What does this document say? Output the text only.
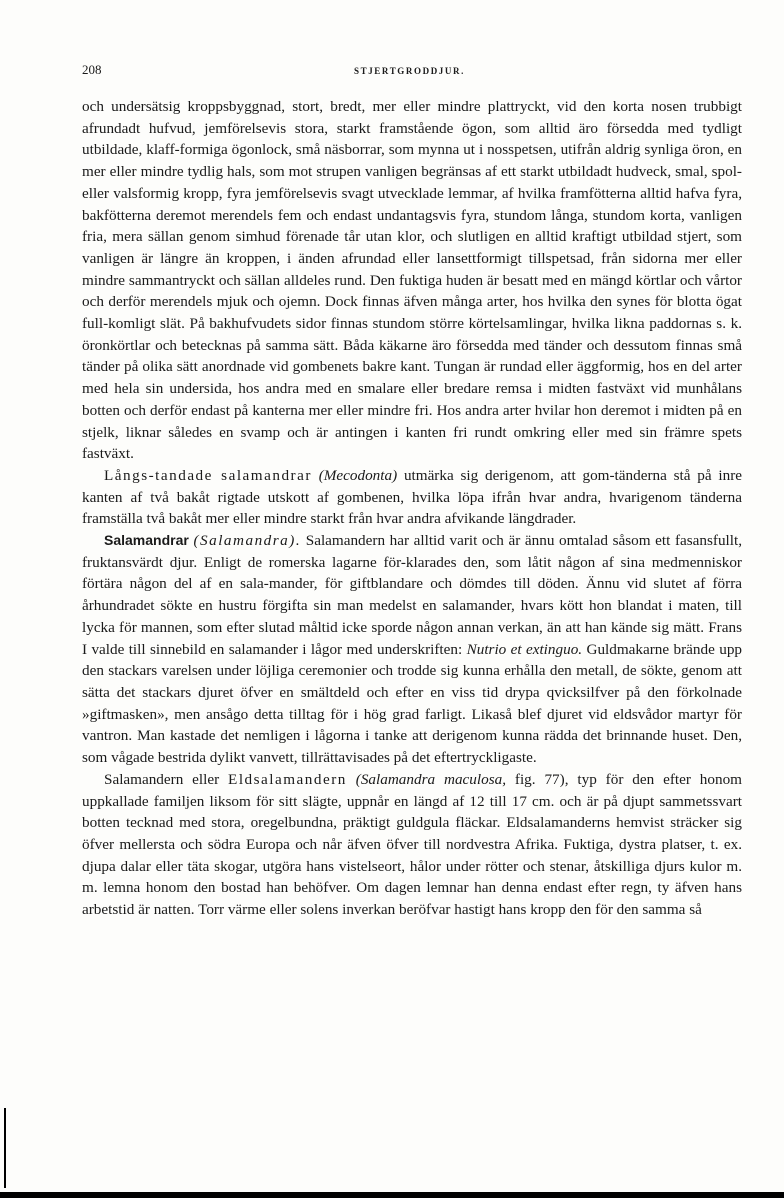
208	STJERTGRODDJUR.

och undersätsig kroppsbyggnad, stort, bredt, mer eller mindre plattryckt, vid den korta nosen trubbigt afrundadt hufvud, jemförelsevis stora, starkt framstående ögon, som alltid äro försedda med tydligt utbildade, klaff-formiga ögonlock, små näsborrar, som mynna ut i nosspetsen, utifrån aldrig synliga öron, en mer eller mindre tydlig hals, som mot strupen vanligen begränsas af ett starkt utbildadt hudveck, smal, spol- eller valsformig kropp, fyra jemförelsevis svagt utvecklade lemmar, af hvilka framfötterna alltid hafva fyra, bakfötterna deremot merendels fem och endast undantagsvis fyra, stundom långa, stundom korta, vanligen fria, mera sällan genom simhud förenade tår utan klor, och slutligen en alltid kraftigt utbildad stjert, som vanligen är längre än kroppen, i änden afrundad eller lansettformigt tillspetsad, från sidorna mer eller mindre sammantryckt och sällan alldeles rund. Den fuktiga huden är besatt med en mängd körtlar och vårtor och derför merendels mjuk och ojemn. Dock finnas äfven många arter, hos hvilka den synes för blotta ögat full-komligt slät. På bakhufvudets sidor finnas stundom större körtelsamlingar, hvilka likna paddornas s. k. öronkörtlar och betecknas på samma sätt. Båda käkarne äro försedda med tänder och dessutom finnas små tänder på olika sätt anordnade vid gombenets bakre kant. Tungan är rundad eller äggformig, hos en del arter med hela sin undersida, hos andra med en smalare eller bredare remsa i midten fastväxt vid munhålans botten och derför endast på kanterna mer eller mindre fri. Hos andra arter hvilar hon deremot i midten på en stjelk, liknar således en svamp och är antingen i kanten fri rundt omkring eller med sin främre spets fastväxt.

Långs-tandade salamandrar (Mecodonta) utmärka sig derigenom, att gom-tänderna stå på inre kanten af två bakåt rigtade utskott af gombenen, hvilka löpa ifrån hvar andra, hvarigenom tänderna framställa två bakåt mer eller mindre starkt från hvar andra afvikande längdrader.

Salamandrar (Salamandra). Salamandern har alltid varit och är ännu omtalad såsom ett fasansfullt, fruktansvärdt djur. Enligt de romerska lagarne för-klarades den, som låtit någon af sina medmenniskor förtära någon del af en sala-mander, för giftblandare och dömdes till döden. Ännu vid slutet af förra århundradet sökte en hustru förgifta sin man medelst en salamander, hvars kött hon blandat i maten, till lycka för mannen, som efter slutad måltid icke sporde någon annan verkan, än att han kände sig mätt. Frans I valde till sinnebild en salamander i lågor med underskriften: Nutrio et extinguo. Guldmakarne brände upp den stackars varelsen under löjliga ceremonier och trodde sig kunna erhålla den metall, de sökte, genom att sätta det stackars djuret öfver en smältdeld och efter en viss tid drypa qvicksilfver på den förkolnade »giftmasken», men ansågo detta tilltag för i hög grad farligt. Likaså blef djuret vid eldsvådor martyr för vantron. Man kastade det nemligen i lågorna i tanke att derigenom kunna rädda det brinnande huset. Den, som vågade bestrida dylikt vanvett, tillrättavisades på det eftertryckligaste.

Salamandern eller Eldsalamandern (Salamandra maculosa, fig. 77), typ för den efter honom uppkallade familjen liksom för sitt slägte, uppnår en längd af 12 till 17 cm. och är på djupt sammetssvart botten tecknad med stora, oregelbundna, präktigt guldgula fläckar. Eldsalamanderns hemvist sträcker sig öfver mellersta och södra Europa och når äfven öfver till nordvestra Afrika. Fuktiga, dystra platser, t. ex. djupa dalar eller täta skogar, utgöra hans vistelseort, hålor under rötter och stenar, åtskilliga djurs kulor m. m. lemna honom den bostad han behöfver. Om dagen lemnar han denna endast efter regn, ty äfven hans arbetstid är natten. Torr värme eller solens inverkan beröfvar hastigt hans kropp den för den samma så
